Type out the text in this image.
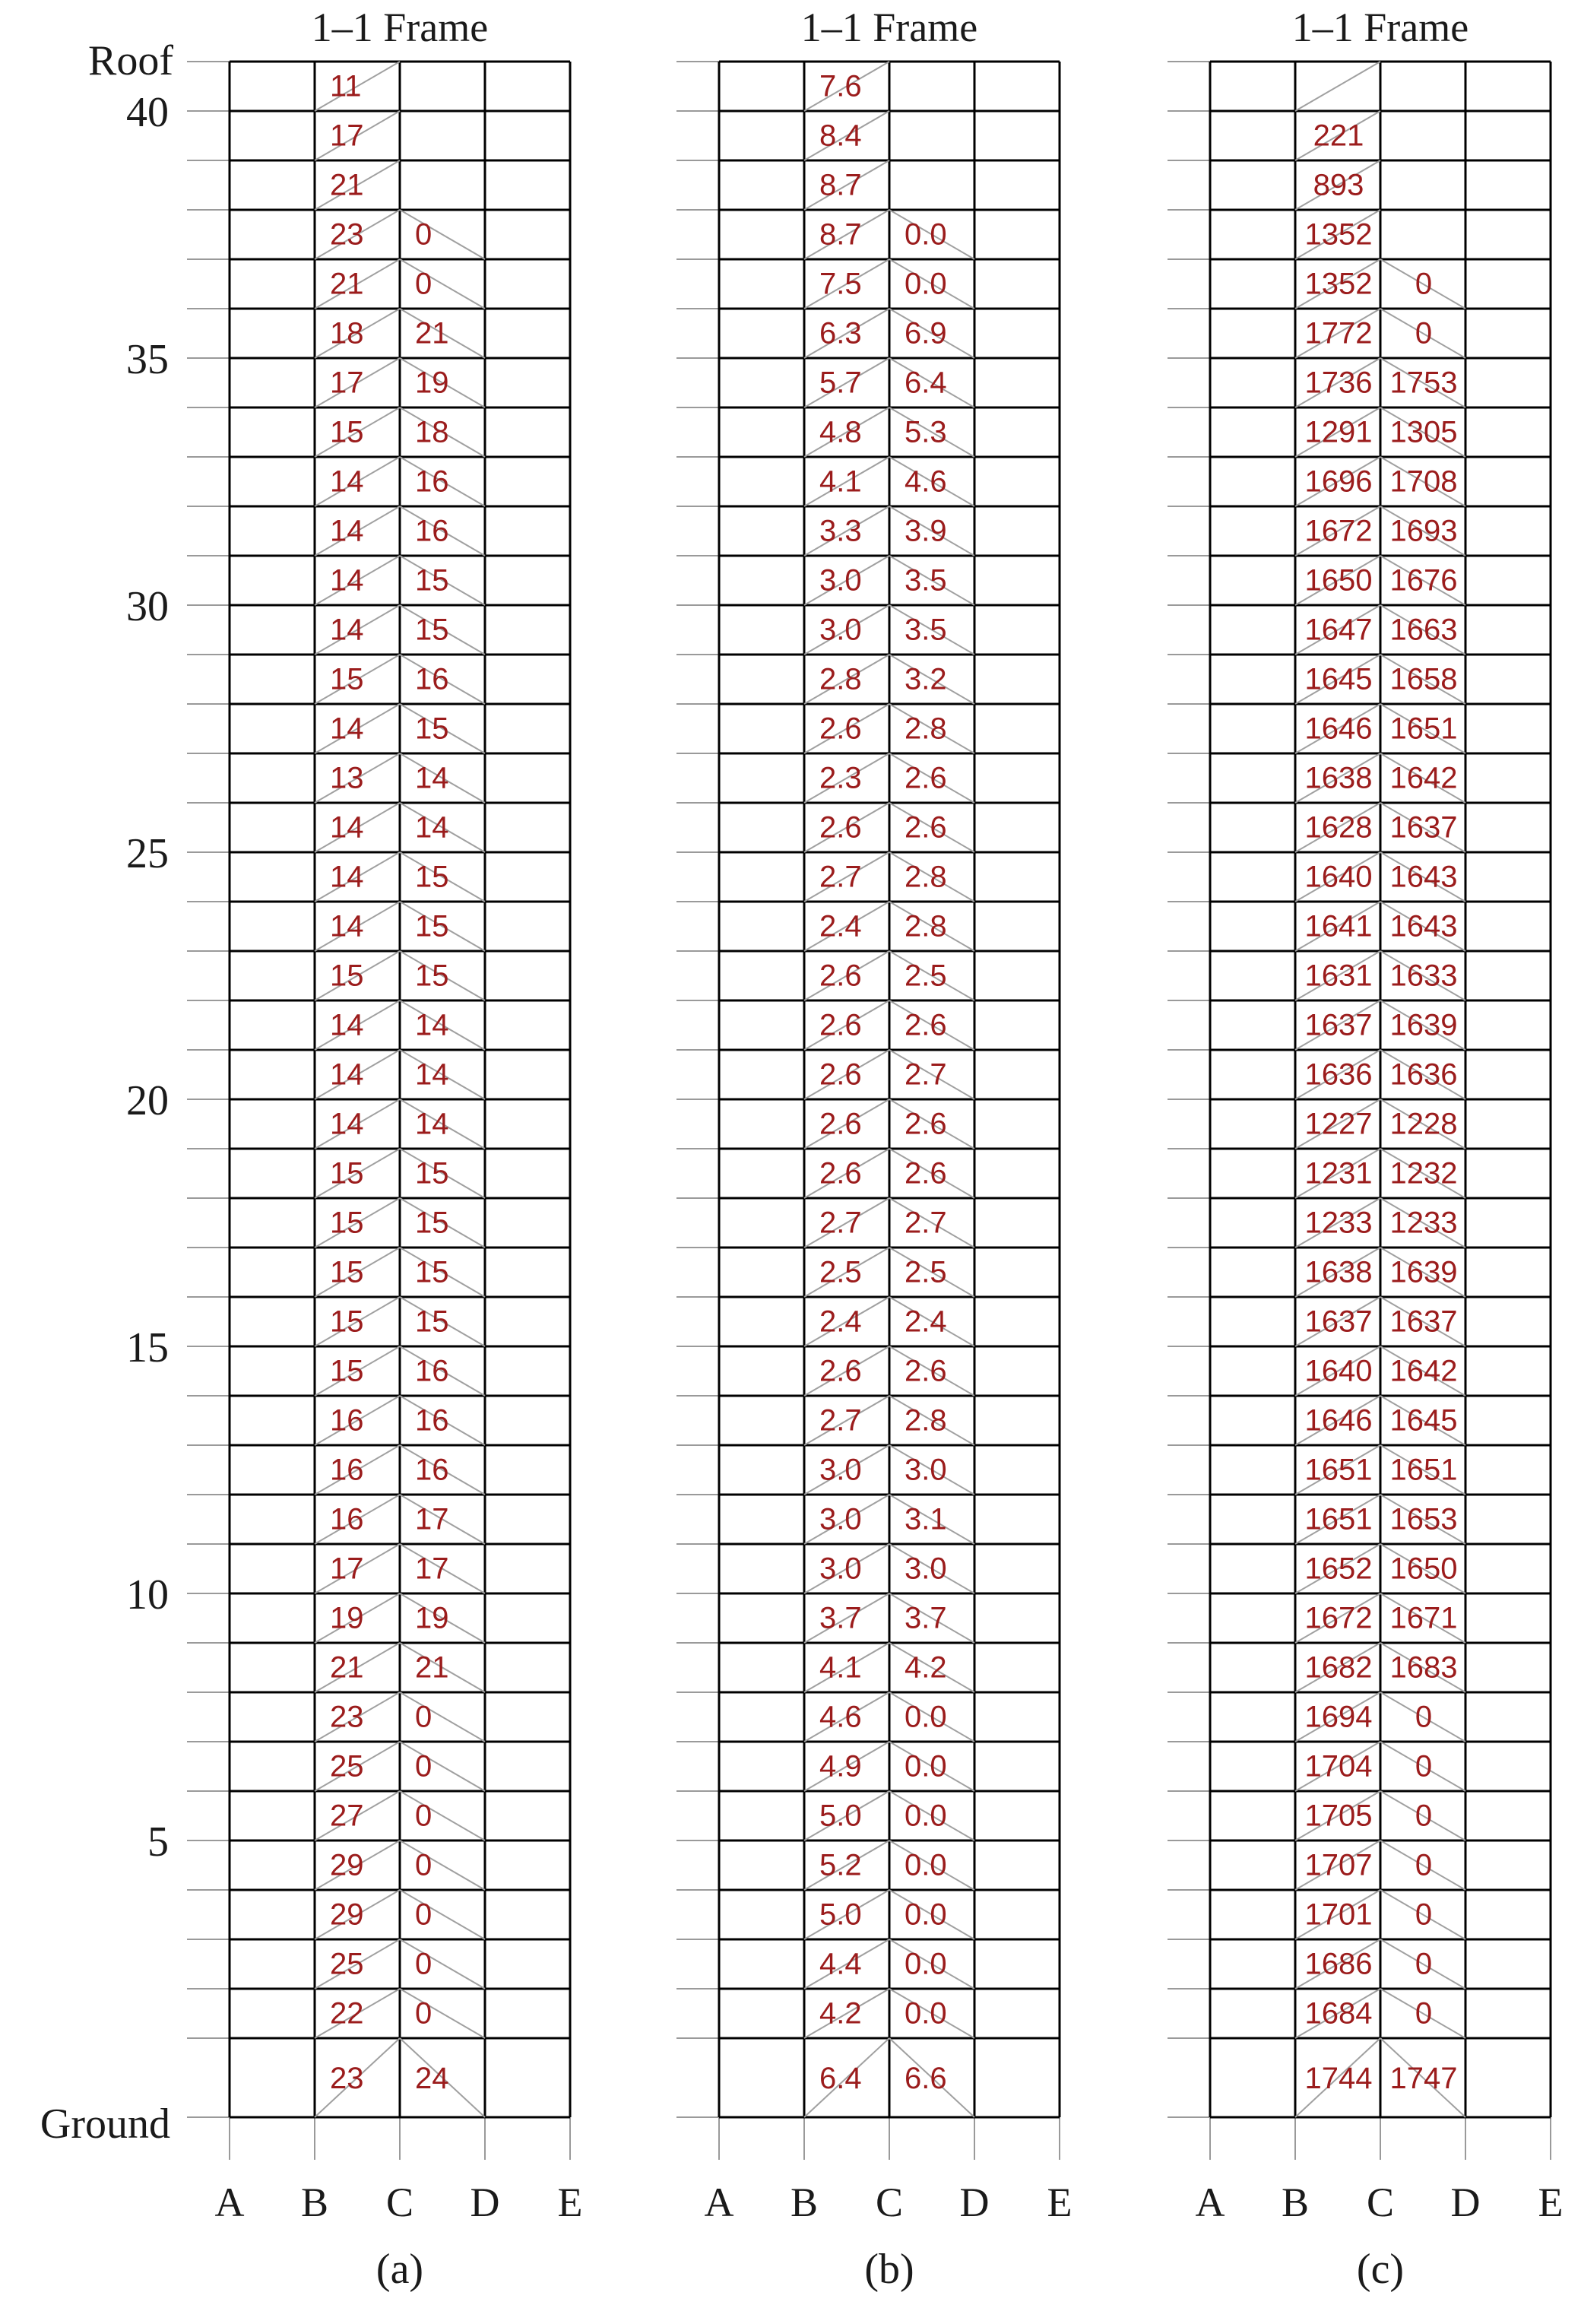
Roof
Ground
40
35
30
25
20
15
10
5
1–1 Frame
23 24
22 0
25 0
29 0
29 0
27 0
25 0
23 0
21 21
19 19
17 17
16 17
16 16
16 16
15 16
15 15
15 15
15 15
15 15
14 14
14 14
14 14
15 15
14 15
14 15
14 14
13 14
14 15
15 16
14 15
14 15
14 16
14 16
15 18
17 19
18 21
21 0
23 0
21
17
11
A B C D E
(a)
1–1 Frame
6.4 6.6
4.2 0.0
4.4 0.0
5.0 0.0
5.2 0.0
5.0 0.0
4.9 0.0
4.6 0.0
4.1 4.2
3.7 3.7
3.0 3.0
3.0 3.1
3.0 3.0
2.7 2.8
2.6 2.6
2.4 2.4
2.5 2.5
2.7 2.7
2.6 2.6
2.6 2.6
2.6 2.7
2.6 2.6
2.6 2.5
2.4 2.8
2.7 2.8
2.6 2.6
2.3 2.6
2.6 2.8
2.8 3.2
3.0 3.5
3.0 3.5
3.3 3.9
4.1 4.6
4.8 5.3
5.7 6.4
6.3 6.9
7.5 0.0
8.7 0.0
8.7
8.4
7.6
A B C D E
(b)
1–1 Frame
1744 1747
1684 0
1686 0
1701 0
1707 0
1705 0
1704 0
1694 0
1682 1683
1672 1671
1652 1650
1651 1653
1651 1651
1646 1645
1640 1642
1637 1637
1638 1639
1233 1233
1231 1232
1227 1228
1636 1636
1637 1639
1631 1633
1641 1643
1640 1643
1628 1637
1638 1642
1646 1651
1645 1658
1647 1663
1650 1676
1672 1693
1696 1708
1291 1305
1736 1753
1772 0
1352 0
1352
893
221
A B C D E
(c)
